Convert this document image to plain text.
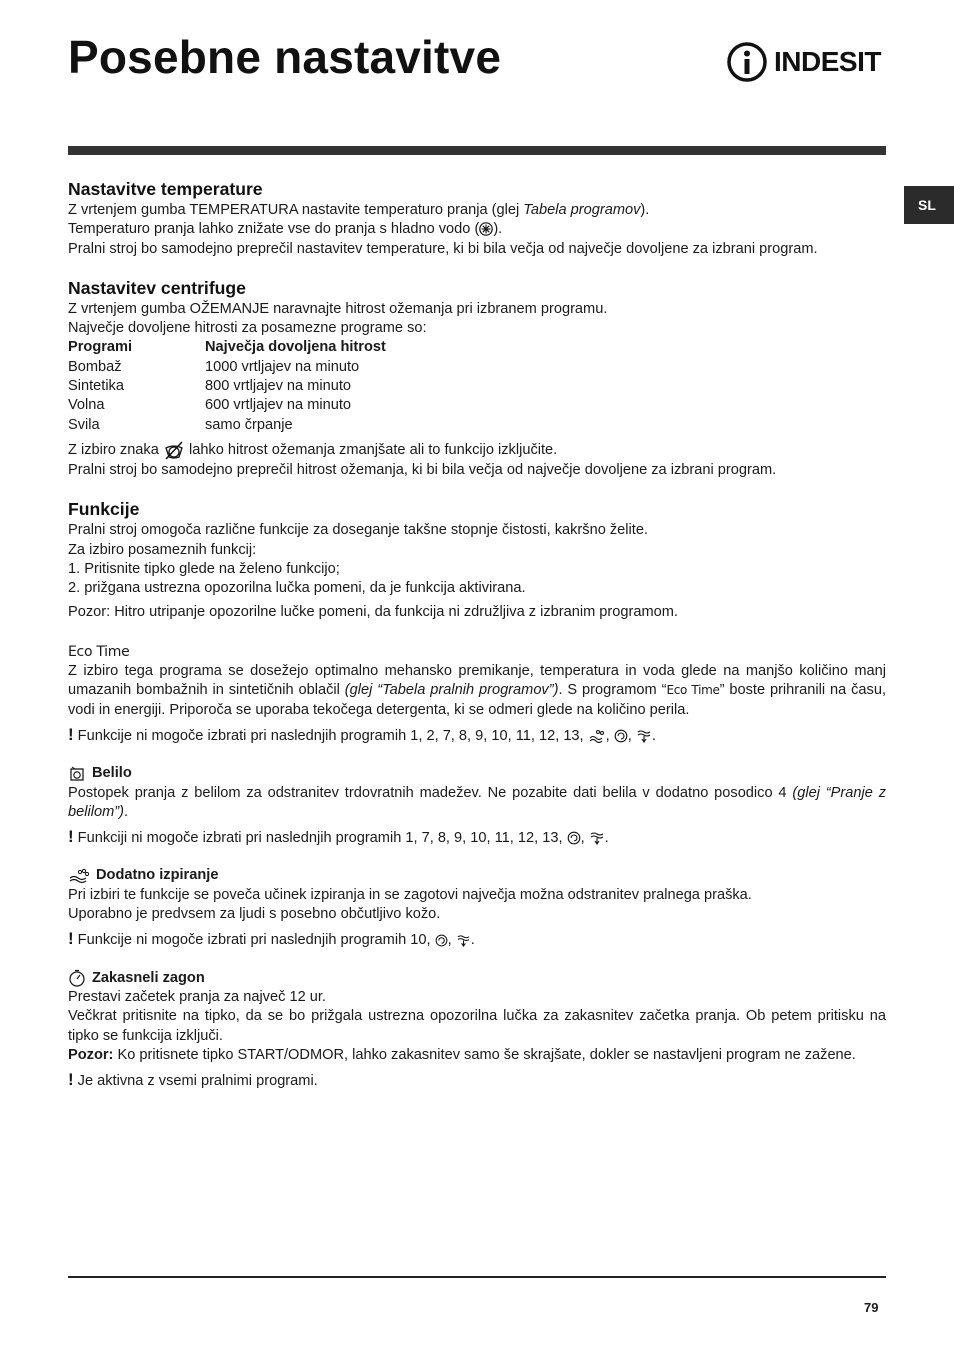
Posebne nastavitve	INDESIT
SL
Nastavitve temperature

Z vrtenjem gumba TEMPERATURA nastavite temperaturo pranja (glej Tabela programov).

Temperaturo pranja lahko znižate vse do pranja s hladno vodo ( ).

Pralni stroj bo samodejno preprečil nastavitev temperature, ki bi bila večja od največje dovoljene za izbrani program.

Nastavitev centrifuge

Z vrtenjem gumba OŽEMANJE naravnajte hitrost ožemanja pri izbranem programu.

Največje dovoljene hitrosti za posamezne programe so:

Programi	Največja dovoljena hitrost
Bombaž	1000 vrtljajev na minuto
Sintetika	800 vrtljajev na minuto
Volna	600 vrtljajev na minuto
Svila	samo črpanje

Z izbiro znaka  lahko hitrost ožemanja zmanjšate ali to funkcijo izključite.

Pralni stroj bo samodejno preprečil hitrost ožemanja, ki bi bila večja od največje dovoljene za izbrani program.

Funkcije

Pralni stroj omogoča različne funkcije za doseganje takšne stopnje čistosti, kakršno želite.

Za izbiro posameznih funkcij:

1. Pritisnite tipko glede na želeno funkcijo;

2. prižgana ustrezna opozorilna lučka pomeni, da je funkcija aktivirana.

Pozor: Hitro utripanje opozorilne lučke pomeni, da funkcija ni združljiva z izbranim programom.

Eco Time

Z izbiro tega programa se dosežejo optimalno mehansko premikanje, temperatura in voda glede na manjšo količino manj umazanih bombažnih in sintetičnih oblačil (glej “Tabela pralnih programov”). S programom “Eco Time” boste prihranili na času, vodi in energiji. Priporoča se uporaba tekočega detergenta, ki se odmeri glede na količino perila.

! Funkcije ni mogoče izbrati pri naslednjih programih 1, 2, 7, 8, 9, 10, 11, 12, 13, , , .

Belilo

Postopek pranja z belilom za odstranitev trdovratnih madežev. Ne pozabite dati belila v dodatno posodico 4 (glej “Pranje z belilom”).

! Funkciji ni mogoče izbrati pri naslednjih programih 1, 7, 8, 9, 10, 11, 12, 13, , .

Dodatno izpiranje

Pri izbiri te funkcije se poveča učinek izpiranja in se zagotovi največja možna odstranitev pralnega praška.

Uporabno je predvsem za ljudi s posebno občutljivo kožo.

! Funkcije ni mogoče izbrati pri naslednjih programih 10, , .

Zakasneli zagon

Prestavi začetek pranja za največ 12 ur.

Večkrat pritisnite na tipko, da se bo prižgala ustrezna opozorilna lučka za zakasnitev začetka pranja. Ob petem pritisku na tipko se funkcija izključi.

Pozor: Ko pritisnete tipko START/ODMOR, lahko zakasnitev samo še skrajšate, dokler se nastavljeni program ne zažene.

! Je aktivna z vsemi pralnimi programi.

79
